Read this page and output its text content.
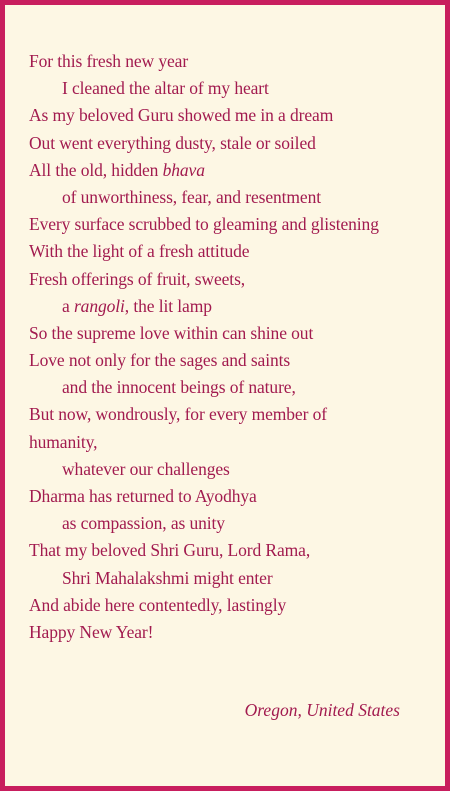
For this fresh new year
I cleaned the altar of my heart
As my beloved Guru showed me in a dream
Out went everything dusty, stale or soiled
All the old, hidden bhava
of unworthiness, fear, and resentment
Every surface scrubbed to gleaming and glistening
With the light of a fresh attitude
Fresh offerings of fruit, sweets,
a rangoli, the lit lamp
So the supreme love within can shine out
Love not only for the sages and saints
and the innocent beings of nature,
But now, wondrously, for every member of
humanity,
whatever our challenges
Dharma has returned to Ayodhya
as compassion, as unity
That my beloved Shri Guru, Lord Rama,
Shri Mahalakshmi might enter
And abide here contentedly, lastingly
Happy New Year!
Oregon, United States
